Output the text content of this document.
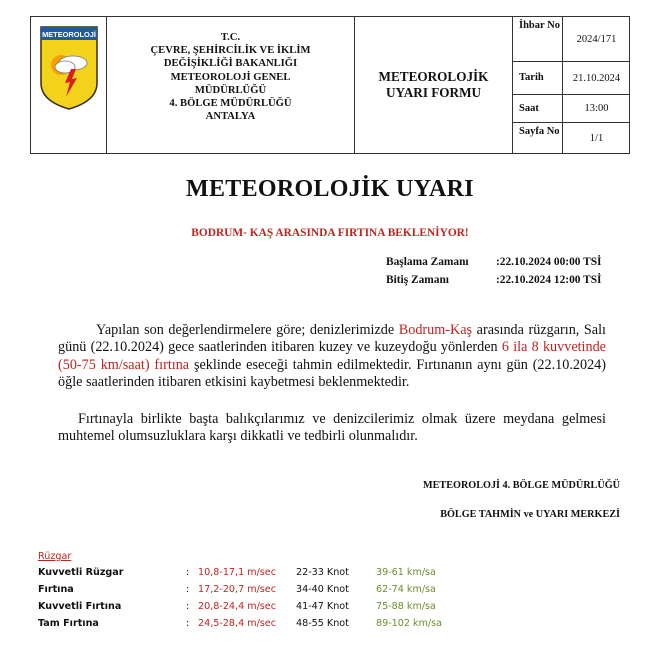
METEOROLOJİ	T.C.
ÇEVRE, ŞEHİRCİLİK VE İKLİM
DEĞİŞİKLİĞİ BAKANLIĞI
METEOROLOJİ GENEL
MÜDÜRLÜĞÜ
4. BÖLGE MÜDÜRLÜĞÜ
ANTALYA
METEOROLOJİK
UYARI FORMU
İhbar No
2024/171
Tarih	21.10.2024
Saat	13:00
Sayfa No
1/1
METEOROLOJİK UYARI
BODRUM- KAŞ ARASINDA FIRTINA BEKLENİYOR!
Başlama Zamanı :22.10.2024 00:00 TSİ
Bitiş Zamanı	:22.10.2024 12:00 TSİ
Yapılan son değerlendirmelere göre; denizlerimizde Bodrum-Kaş arasında rüzgarın, Salı günü (22.10.2024) gece saatlerinden itibaren kuzey ve kuzeydoğu yönlerden 6 ila 8 kuvvetinde (50-75 km/saat) fırtına şeklinde eseceği tahmin edilmektedir. Fırtınanın aynı gün (22.10.2024) öğle saatlerinden itibaren etkisini kaybetmesi beklenmektedir.
Fırtınayla birlikte başta balıkçılarımız ve denizcilerimiz olmak üzere meydana gelmesi muhtemel olumsuzluklara karşı dikkatli ve tedbirli olunmalıdır.
METEOROLOJİ 4. BÖLGE MÜDÜRLÜĞÜ
BÖLGE TAHMİN ve UYARI MERKEZİ
Rüzgar
Kuvvetli Rüzgar	: 10,8-17,1 m/sec 22-33 Knot	39-61 km/sa
Fırtına	: 17,2-20,7 m/sec 34-40 Knot	62-74 km/sa
Kuvvetli Fırtına	: 20,8-24,4 m/sec 41-47 Knot	75-88 km/sa
Tam Fırtına	: 24,5-28,4 m/sec 48-55 Knot	89-102 km/sa
